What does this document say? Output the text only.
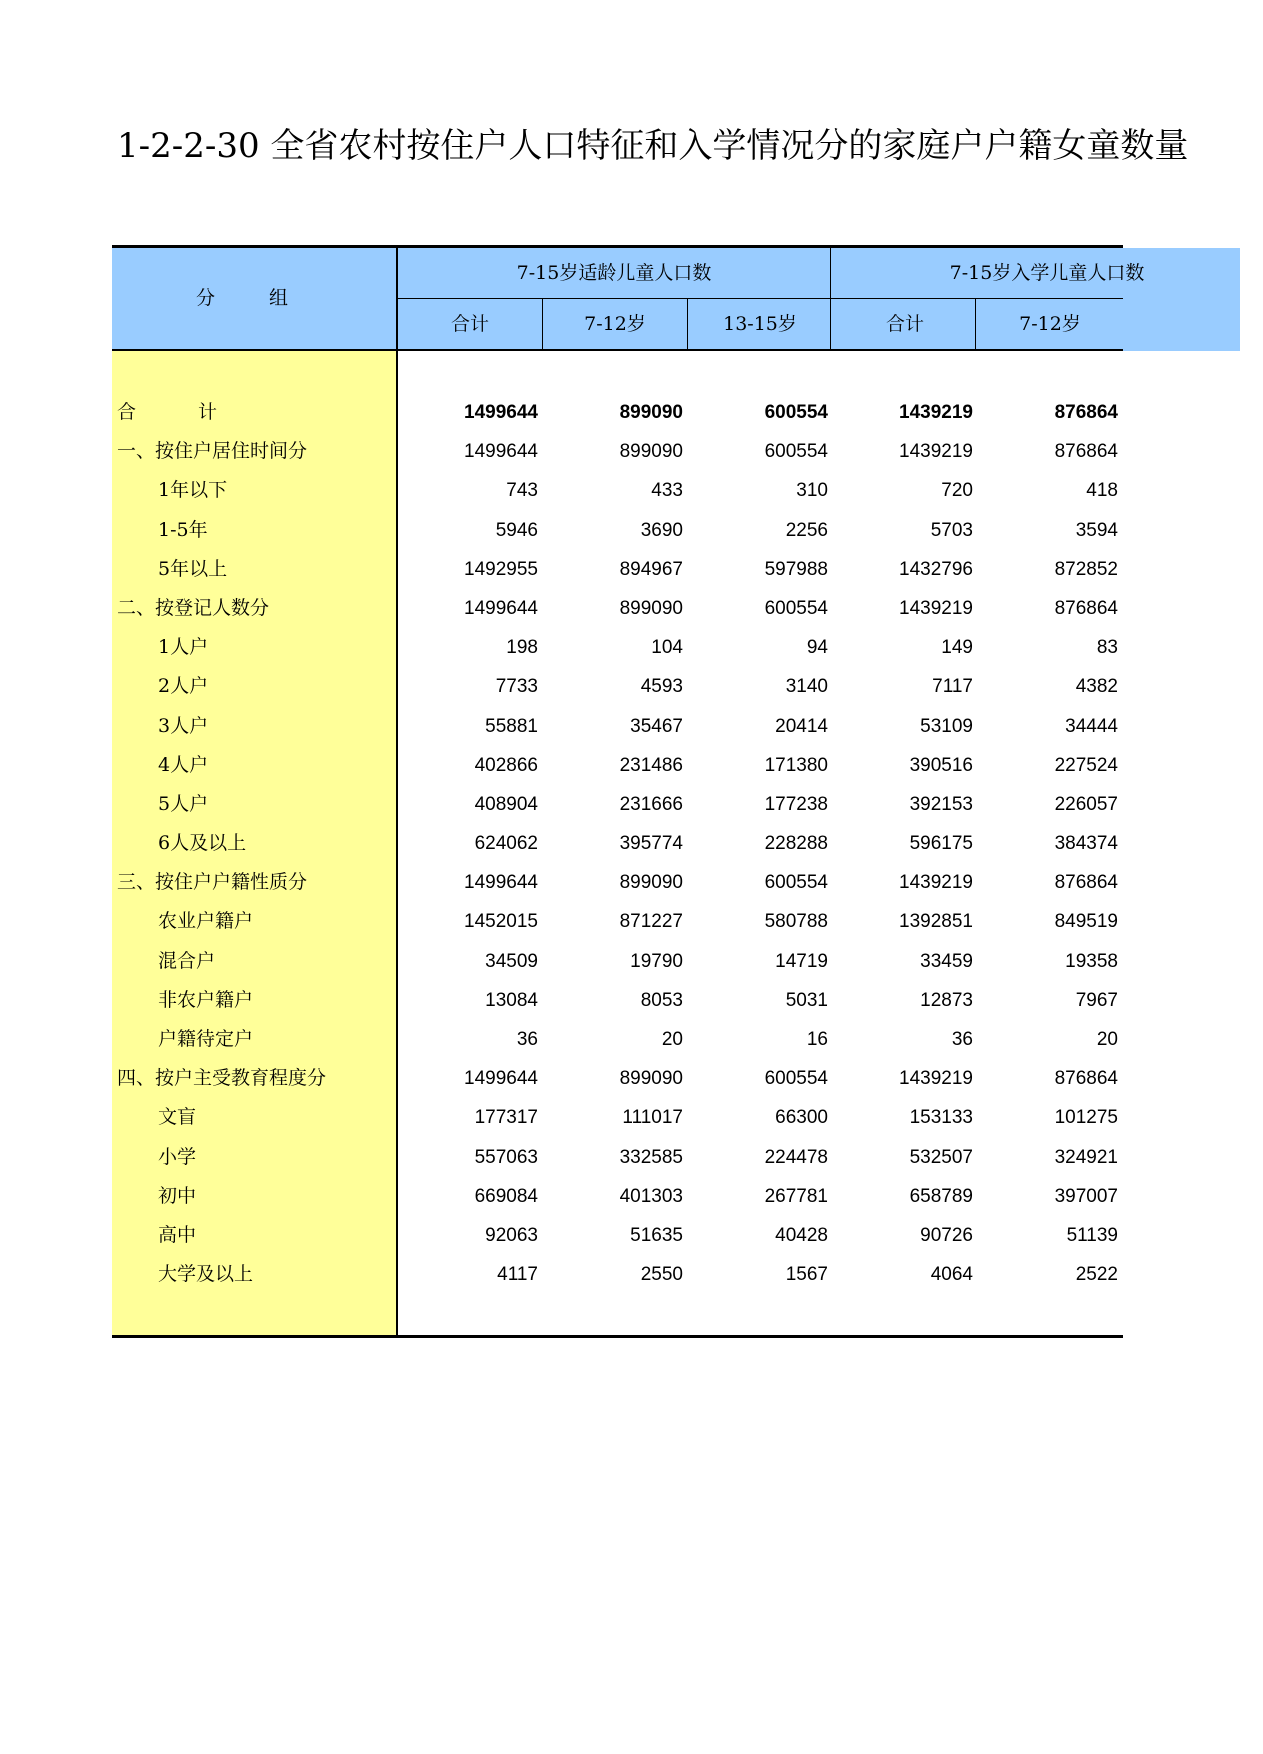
1-2-2-30 全省农村按住户人口特征和入学情况分的家庭户户籍女童数量
分 组
7-15岁适龄儿童人口数	7-15岁入学儿童人口数
合计	7-12岁	13-15岁	合计	7-12岁
合 计	1499644	899090	600554	1439219	876864
一、按住户居住时间分	1499644	899090	600554	1439219	876864
1年以下	743	433	310	720	418
1-5年	5946	3690	2256	5703	3594
5年以上	1492955	894967	597988	1432796	872852
二、按登记人数分	1499644	899090	600554	1439219	876864
1人户	198	104	94	149	83
2人户	7733	4593	3140	7117	4382
3人户	55881	35467	20414	53109	34444
4人户	402866	231486	171380	390516	227524
5人户	408904	231666	177238	392153	226057
6人及以上	624062	395774	228288	596175	384374
三、按住户户籍性质分	1499644	899090	600554	1439219	876864
农业户籍户	1452015	871227	580788	1392851	849519
混合户	34509	19790	14719	33459	19358
非农户籍户	13084	8053	5031	12873	7967
户籍待定户	36	20	16	36	20
四、按户主受教育程度分	1499644	899090	600554	1439219	876864
文盲	177317	111017	66300	153133	101275
小学	557063	332585	224478	532507	324921
初中	669084	401303	267781	658789	397007
高中	92063	51635	40428	90726	51139
大学及以上	4117	2550	1567	4064	2522
